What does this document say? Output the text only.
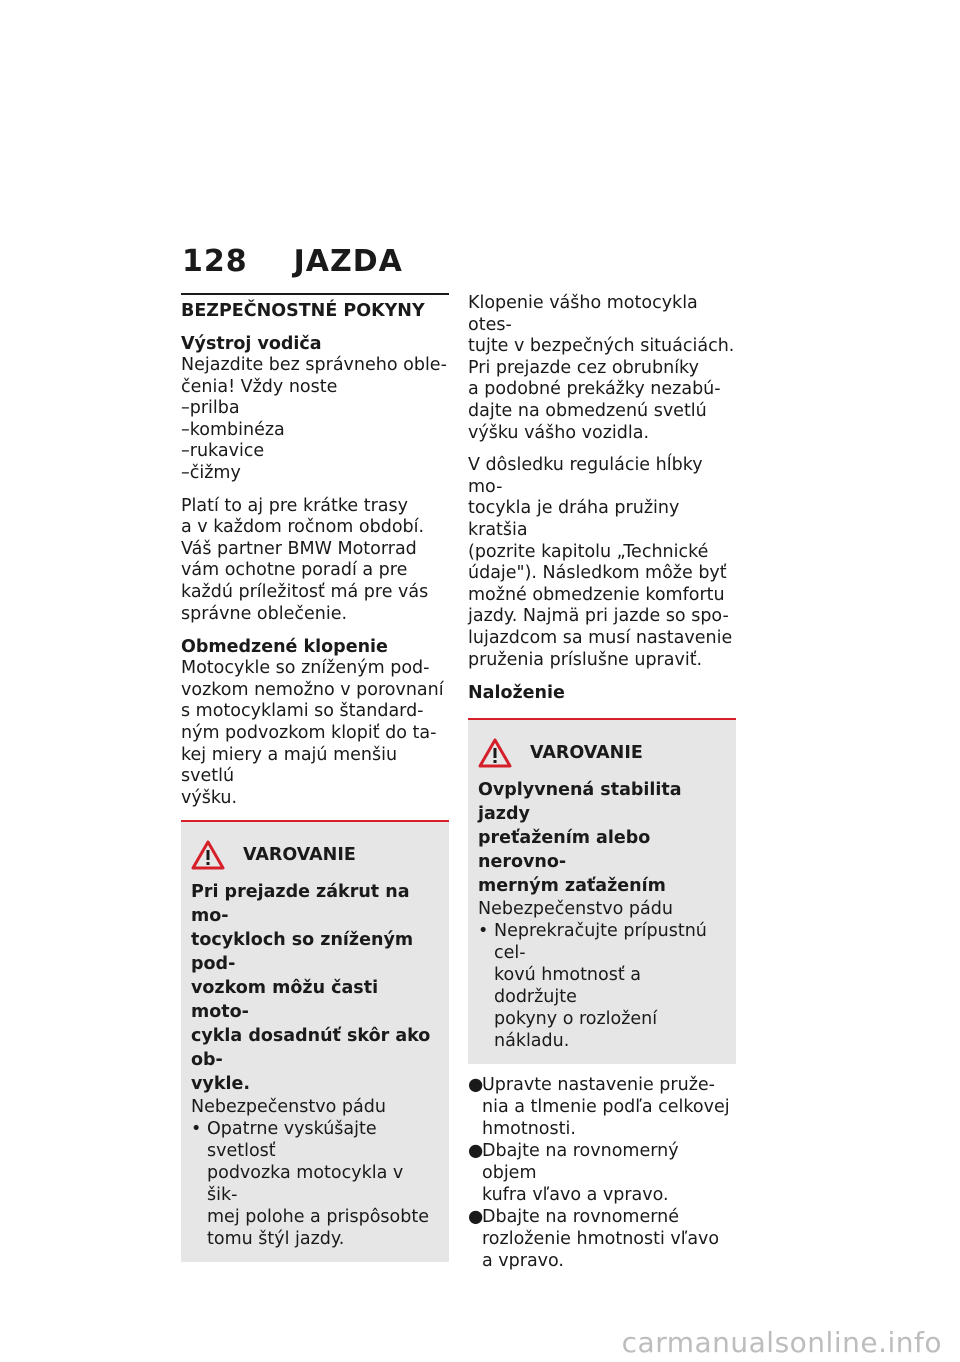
128 JAZDA
BEZPEČNOSTNÉ POKYNY
Výstroj vodiča
Nejazdite bez správneho oble-
čenia! Vždy noste
– prilba
– kombinéza
– rukavice
– čižmy
Platí to aj pre krátke trasy
a v každom ročnom období.
Váš partner BMW Motorrad
vám ochotne poradí a pre
každú príležitosť má pre vás
správne oblečenie.
Obmedzené klopenie
Motocykle so zníženým pod-
vozkom nemožno v porovnaní
s motocyklami so štandard-
ným podvozkom klopiť do ta-
kej miery a majú menšiu svetlú
výšku.
VAROVANIE
Pri prejazde zákrut na mo-
tocykloch so zníženým pod-
vozkom môžu časti moto-
cykla dosadnúť skôr ako ob-
vykle.
Nebezpečenstvo pádu
• Opatrne vyskúšajte svetlosť
podvozka motocykla v šik-
mej polohe a prispôsobte
tomu štýl jazdy.
Klopenie vášho motocykla otes-
tujte v bezpečných situáciách.
Pri prejazde cez obrubníky
a podobné prekážky nezabú-
dajte na obmedzenú svetlú
výšku vášho vozidla.
V dôsledku regulácie hĺbky mo-
tocykla je dráha pružiny kratšia
(pozrite kapitolu „Technické
údaje"). Následkom môže byť
možné obmedzenie komfortu
jazdy. Najmä pri jazde so spo-
lujazdcom sa musí nastavenie
pruženia príslušne upraviť.
Naloženie
VAROVANIE
Ovplyvnená stabilita jazdy
preťažením alebo nerovno-
merným zaťažením
Nebezpečenstvo pádu
• Neprekračujte prípustnú cel-
kovú hmotnosť a dodržujte
pokyny o rozložení nákladu.
●
Upravte nastavenie pruže-
nia a tlmenie podľa celkovej
hmotnosti.
●
Dbajte na rovnomerný objem
kufra vľavo a vpravo.
●
Dbajte na rovnomerné
rozloženie hmotnosti vľavo
a vpravo.
carmanualsonline.info
